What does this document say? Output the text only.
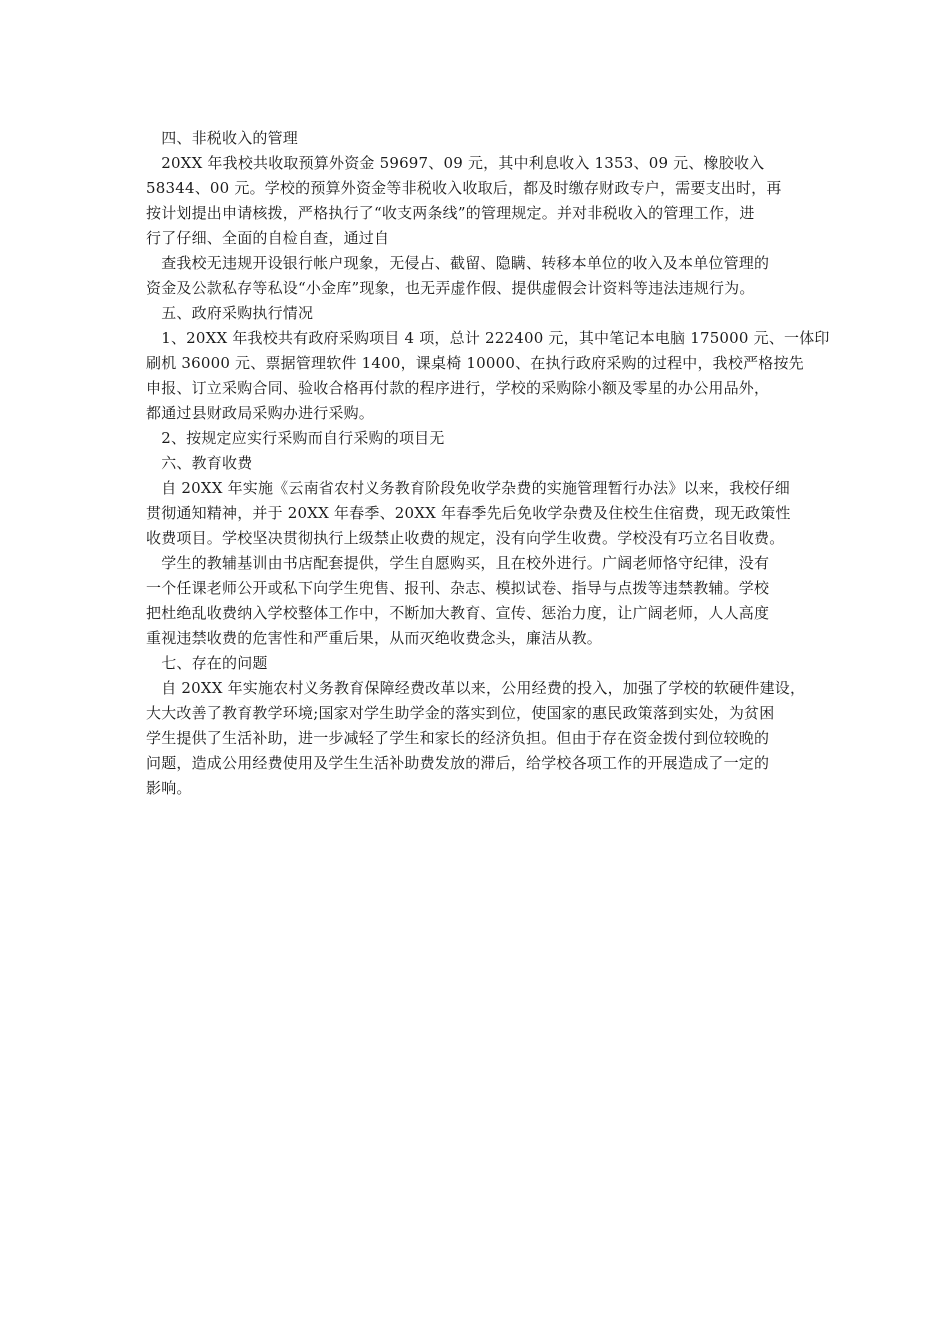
　四、非税收入的管理
　20XX 年我校共收取预算外资金 59697、09 元，其中利息收入 1353、09 元、橡胶收入
58344、00 元。学校的预算外资金等非税收入收取后，都及时缴存财政专户，需要支出时，再
按计划提出申请核拨，严格执行了“收支两条线”的管理规定。并对非税收入的管理工作，进
行了仔细、全面的自检自查，通过自
　查我校无违规开设银行帐户现象，无侵占、截留、隐瞒、转移本单位的收入及本单位管理的
资金及公款私存等私设“小金库”现象，也无弄虚作假、提供虚假会计资料等违法违规行为。
　五、政府采购执行情况
　1、20XX 年我校共有政府采购项目 4 项，总计 222400 元，其中笔记本电脑 175000 元、一体印
刷机 36000 元、票据管理软件 1400，课桌椅 10000、在执行政府采购的过程中，我校严格按先
申报、订立采购合同、验收合格再付款的程序进行，学校的采购除小额及零星的办公用品外，
都通过县财政局采购办进行采购。
　2、按规定应实行采购而自行采购的项目无
　六、教育收费
　自 20XX 年实施《云南省农村义务教育阶段免收学杂费的实施管理暂行办法》以来，我校仔细
贯彻通知精神，并于 20XX 年春季、20XX 年春季先后免收学杂费及住校生住宿费，现无政策性
收费项目。学校坚决贯彻执行上级禁止收费的规定，没有向学生收费。学校没有巧立名目收费。
　学生的教辅基训由书店配套提供，学生自愿购买，且在校外进行。广阔老师恪守纪律，没有
一个任课老师公开或私下向学生兜售、报刊、杂志、模拟试卷、指导与点拨等违禁教辅。学校
把杜绝乱收费纳入学校整体工作中，不断加大教育、宣传、惩治力度，让广阔老师，人人高度
重视违禁收费的危害性和严重后果，从而灭绝收费念头，廉洁从教。
　七、存在的问题
　自 20XX 年实施农村义务教育保障经费改革以来，公用经费的投入，加强了学校的软硬件建设，
大大改善了教育教学环境;国家对学生助学金的落实到位，使国家的惠民政策落到实处，为贫困
学生提供了生活补助，进一步减轻了学生和家长的经济负担。但由于存在资金拨付到位较晚的
问题，造成公用经费使用及学生生活补助费发放的滞后，给学校各项工作的开展造成了一定的
影响。
